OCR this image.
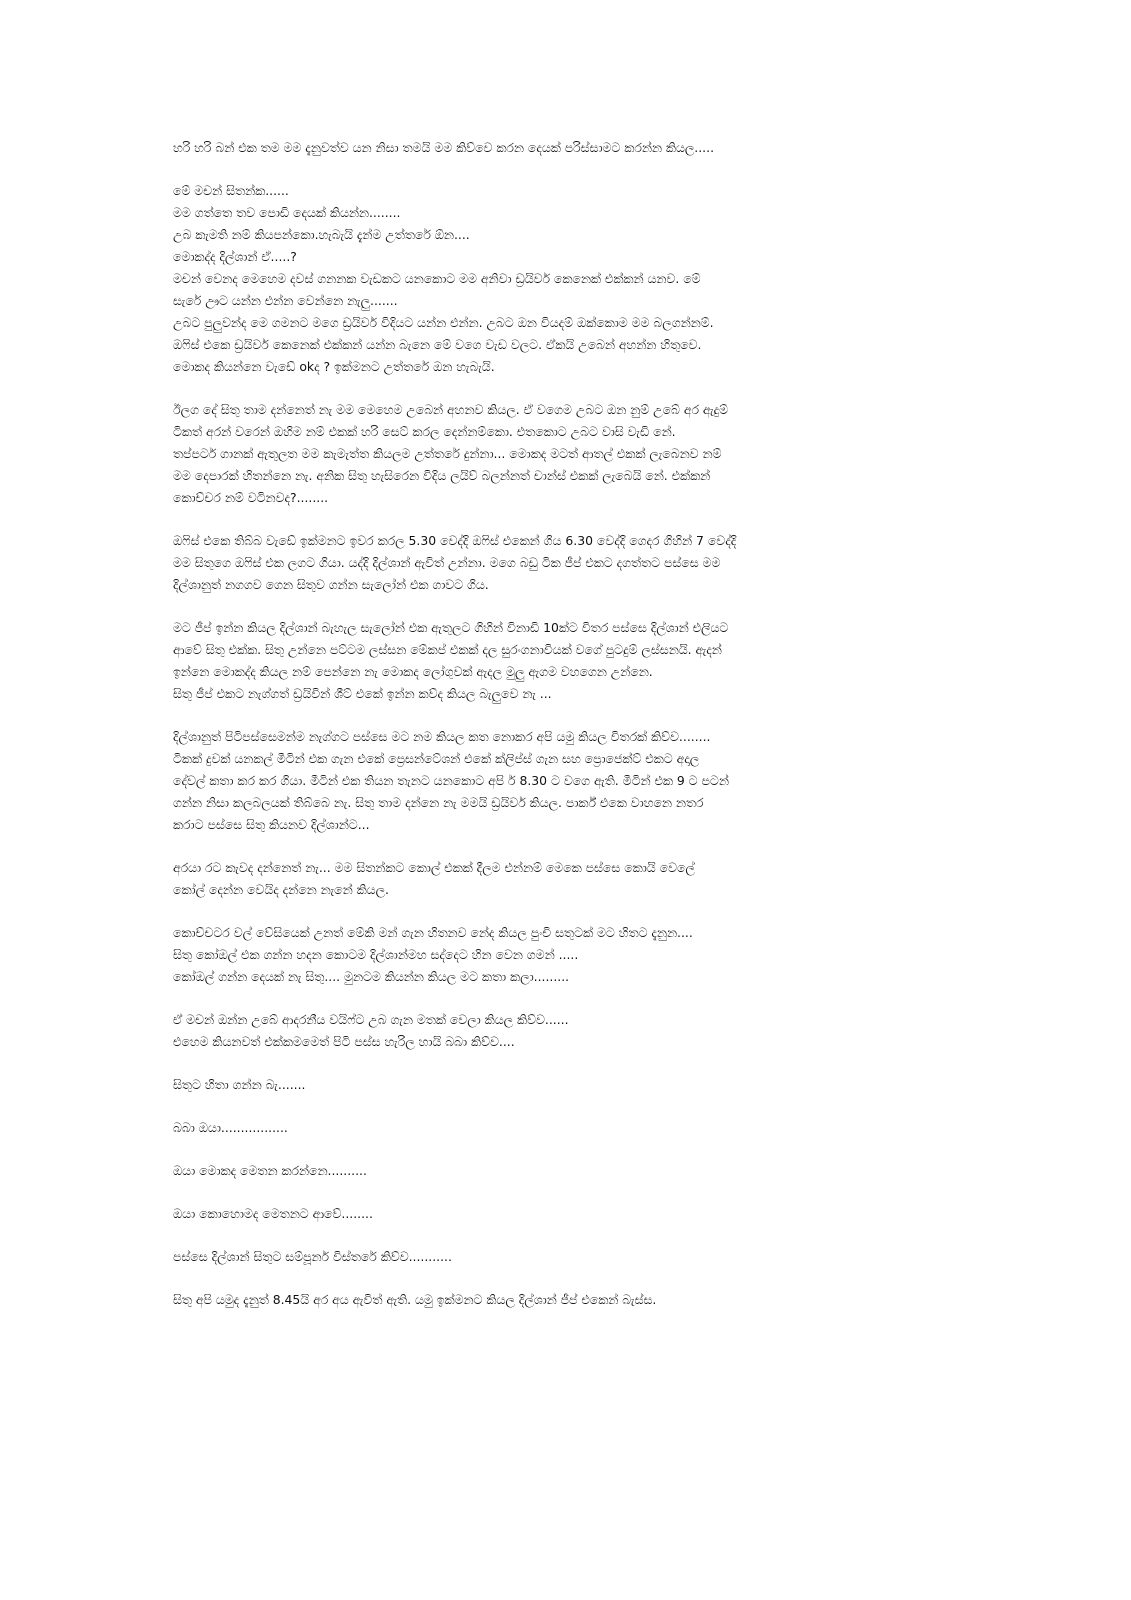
හරි හරි බන් එක තම මම දැනුවත්ව යන නිසා තමයි මම කිව්වෙ කරන දෙයක් පරිස්සාමට කරන්න කියල.....
මේ මචන් සිතන්ක......
මම ගත්තෙ තව පොඩි දෙයක් කියන්න........
උබ කැමති නම් කියපන්කො.හැබැයි දැන්ම උත්තරේ ඕන....
මොකද්ද දිල්ශාන් ඒ.....?
මචන් වෙනද මෙහෙම දවස් ගනනක වැඩකට යනකොට මම අනිවා ඩ්‍රයිවර් කෙනෙක් එක්කන් යනව. මේ
සැරේ ඌට යන්න එන්න වෙන්නෙ නැලු.......
උබට පුලුවන්ද මෙ ගමනට මගෙ ඩ්‍රයිවර් විදියට යන්න එන්න. උබට ඔන වියදම් ඔක්කොම මම බලගන්නම්.
ඔෆිස් එකෙ ඩ්‍රයිවර් කෙනෙක් එක්කන් යන්න බැනෙ මේ වගෙ වැඩ වලට. ඒකයි උබෙන් අහන්න හිතුවෙ.
මොකද කියන්නෙ වැඩේ okද ? ඉක්මනට උත්තරේ ඔන හැබැයි.
ඊලග දේ සිතු තාම දන්නෙත් නැ මම මෙහෙම උබෙන් අහනව කියල. ඒ වගෙම උබට ඔන නුම් උබේ අර ඇදුම්
ටිකත් අරන් වරෙන් ඔහිම නම් එකක් හරි සෙට් කරල දෙන්නම්කො. එතකොට උබට වාසි වැඩි නේ.
තප්පටර් ගානක් ඇතුලත මම කැමැත්ත කියලම උත්තරේ දුන්නා... මොකද මටත් ආතල් එකක් ලැබෙනව නම්
මම දෙපාරක් හිතන්නෙ නැ. අනික සිතු හැසිරෙන විදිය ලයිව් බලන්නත් චාන්ස් එකක් ලැබෙයි නේ. එක්කන්
කොච්චර නම් වටිනවද?........
ඔෆිස් එකෙ තිබ්බ වැඩේ ඉක්මනට ඉවර කරල 5.30 වෙද්දි ඔෆිස් එකෙන් ගිය 6.30 වෙද්දි ගෙදර ගිහින් 7 වෙද්දි
මම සිතුගෙ ඔෆිස් එක ලගට ගියා. යද්දි දිල්ශාන් ඇවිත් උන්නා. මගෙ බඩු ටික ජීප් එකට දගත්තට පස්සෙ මම
දිල්ශානුත් නගගව ගෙන සිතුව ගන්න සැලෝන් එක ගාවට ගිය.
මට ජීප් ඉන්න කියල දිල්ශාන් බැහැල සැලෝන් එක ඇතුලට ගිහින් විනාඩි 10ක්ට විතර පස්සෙ දිල්ශාන් එලියට
ආවේ සිතු එක්ක. සිතු උන්නෙ පට්ටම ලස්සන මේකප් එකක් දල සුරංගනාවියක් වගේ පුටදුම් ලස්සනයි. ඇදන්
ඉන්නෙ මොකද්ද කියල නම් පෙන්නෙ නැ මොකද ලෝගුවක් ඇදල මුලු ඇගම වහගෙන උන්නෙ.
සිතු ජීප් එකට නැග්ගත් ඩ්‍රයිවින් ශීට් එකේ ඉන්න කව්ද කියල බැලුවෙ නැ ...
දිල්ශානුත් පිටිපස්සෙමන්ම නැග්ගට පස්සෙ මට නම කියල කත නොකර අපි යමු කියල විතරක් කිව්ව........
ටිකක් දුවක් යනකල් මීටින් එක ගැන එකේ ප්‍රෙසන්ටේශන් එකේ ක්ලිප්ස් ගැන සහ ප්‍රොජෙක්ට් එකට අදාල
දේවල් කතා කර කර ගියා. මීටින් එක තියන තැනට යනකොට අපි ර් 8.30 ට වගෙ ඇති. මීටින් එක 9 ට පටන්
ගන්න නිසා කලබලයක් තිබ්බෙ නැ. සිතු තාම දන්නෙ නැ මමයි ඩ්‍රයිවර් කියල. පාර්ක් එකෙ වාහනෙ නතර
කරාට පස්සෙ සිතු කියනව දිල්ශාන්ට...
අරයා රට කැවද දන්නෙත් නැ... මම සිතන්කට කොල් එකක් දීලම එන්නම් මෙකෙ පස්සෙ කොයි වෙලේ
කෝල් දෙන්න වෙයිද දන්නෙ නැනේ කියල.
කොච්චටර වල් වේසියෙක් උනත් මේකි මන් ගැන හිතනව නේද කියල පුංචි සතුටක් මට හිතට දැනුන....
සිතු කෝඔල් එක ගන්න හදන කොටම දිල්ශාන්මහ සද්දෙට හින වෙන ගමන් .....
කෝඔල් ගන්න දෙයක් නැ සිතු.... මුනටම කියන්න කියල මට කතා කලා.........
ඒ මචන් ඔන්න උබේ ආදරනීය වයිෆ්ට උබ ගැන මතක් වෙලා කියල කිව්ව......
එහෙම කියනවත් එක්කමමෙත් පිටි පස්ස හැරිල හායි බබා කිව්ව....
සිතුට හිතා ගන්න බැ.......
බබා ඔයා.................
ඔයා මොකද මෙතන කරන්නෙ..........
ඔයා කොහොමද මෙතනට ආවේ........
පස්සෙ දිල්ශාන් සිතුට සම්පූර්න විස්තරේ කිව්ව...........
සිතු අපි යමුද දැනුත් 8.45යි අර අය ඇවිත් ඇති. යමු ඉක්මනට කියල දිල්ශාන් ජීප් එකෙන් බැස්ස.
